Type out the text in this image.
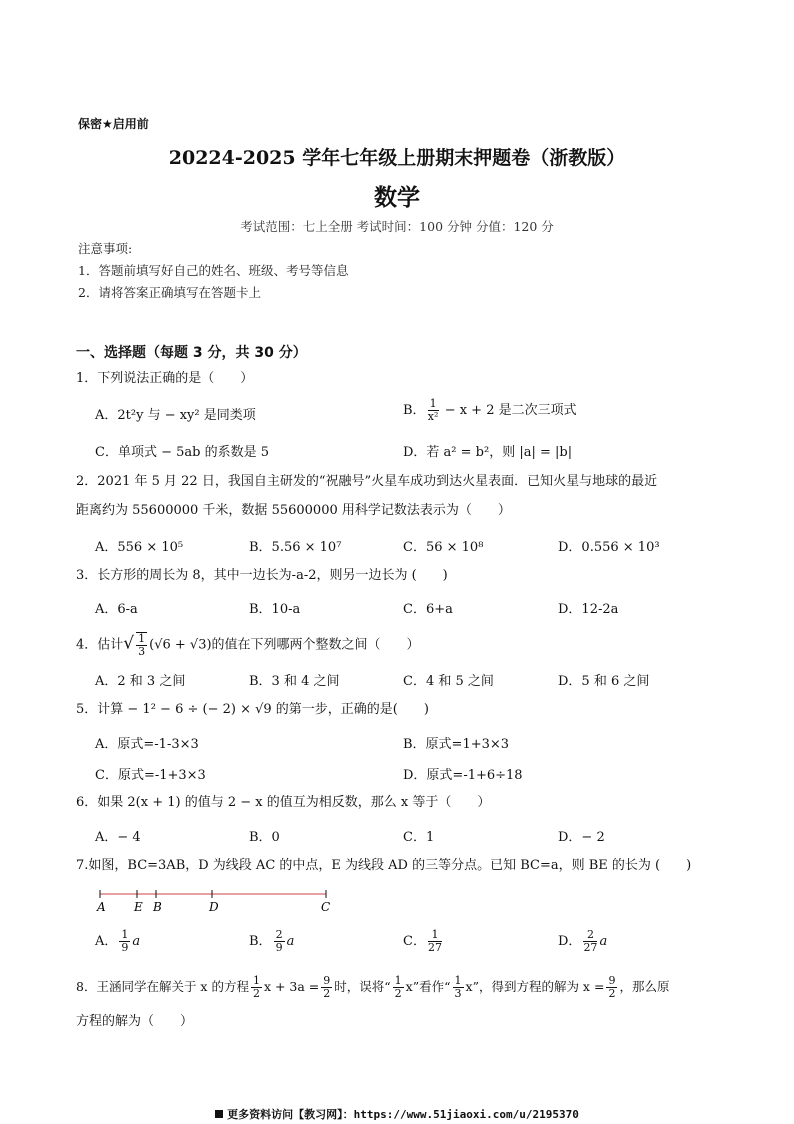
保密★启用前
20224-2025 学年七年级上册期末押题卷（浙教版）
数学
考试范围：七上全册 考试时间：100 分钟 分值：120 分
注意事项:
1．答题前填写好自己的姓名、班级、考号等信息
2．请将答案正确填写在答题卡上
一、选择题（每题 3 分，共 30 分）
1．下列说法正确的是（　　）
A．2t²y 与 − xy² 是同类项	B． $\frac{1}{\text{x²}} - x + 2$ 是二次三项式
C．单项式 − 5ab 的系数是 5	D．若 a² = b²，则 |a| = |b|
2．2021 年 5 月 22 日，我国自主研发的“祝融号”火星车成功到达火星表面．已知火星与地球的最近
距离约为 55600000 千米，数据 55600000 用科学记数法表示为（　　）
A．556 × 10⁵	B．5.56 × 10⁷	C．56 × 10⁸	D．0.556 × 10³
3．长方形的周长为 8，其中一边长为-a-2，则另一边长为 (　　)
A．6-a	B．10-a	C．6+a	D．12-2a
4．估计√ $\frac{1}{3} (√6 + √3)$的值在下列哪两个整数之间（　　）
A．2 和 3 之间	B．3 和 4 之间	C．4 和 5 之间	D．5 和 6 之间
5．计算 − 1² − 6 ÷ (− 2) × √9 的第一步，正确的是(　　)
A．原式=-1-3×3	B．原式=1+3×3
C．原式=-1+3×3	D．原式=-1+6÷18
6．如果 2(x + 1) 的值与 2 − x 的值互为相反数，那么 x 等于（　　）
A．− 4	B．0	C．1	D．− 2
7.如图，BC=3AB，D 为线段 AC 的中点，E 为线段 AD 的三等分点。已知 BC=a，则 BE 的长为 (　　)
A E B	D	C
A． $\frac{1}{9}$ a	B． $\frac{2}{9}$ a	C． $\frac{1}{27}$	D． $\frac{2}{27}$ a
8．王涵同学在解关于 x 的方程 $\frac{1}{2}$ $x + 3a = \frac{9}{2}$ 时，误将“ $\frac{1}{2} x$”看作“ $\frac{1}{3} x$”，得到方程的解为 $x = \frac{9}{2}$ ，那么原
方程的解为（　　）
更多资料访问【教习网】：https://www.51jiaoxi.com/u/2195370
